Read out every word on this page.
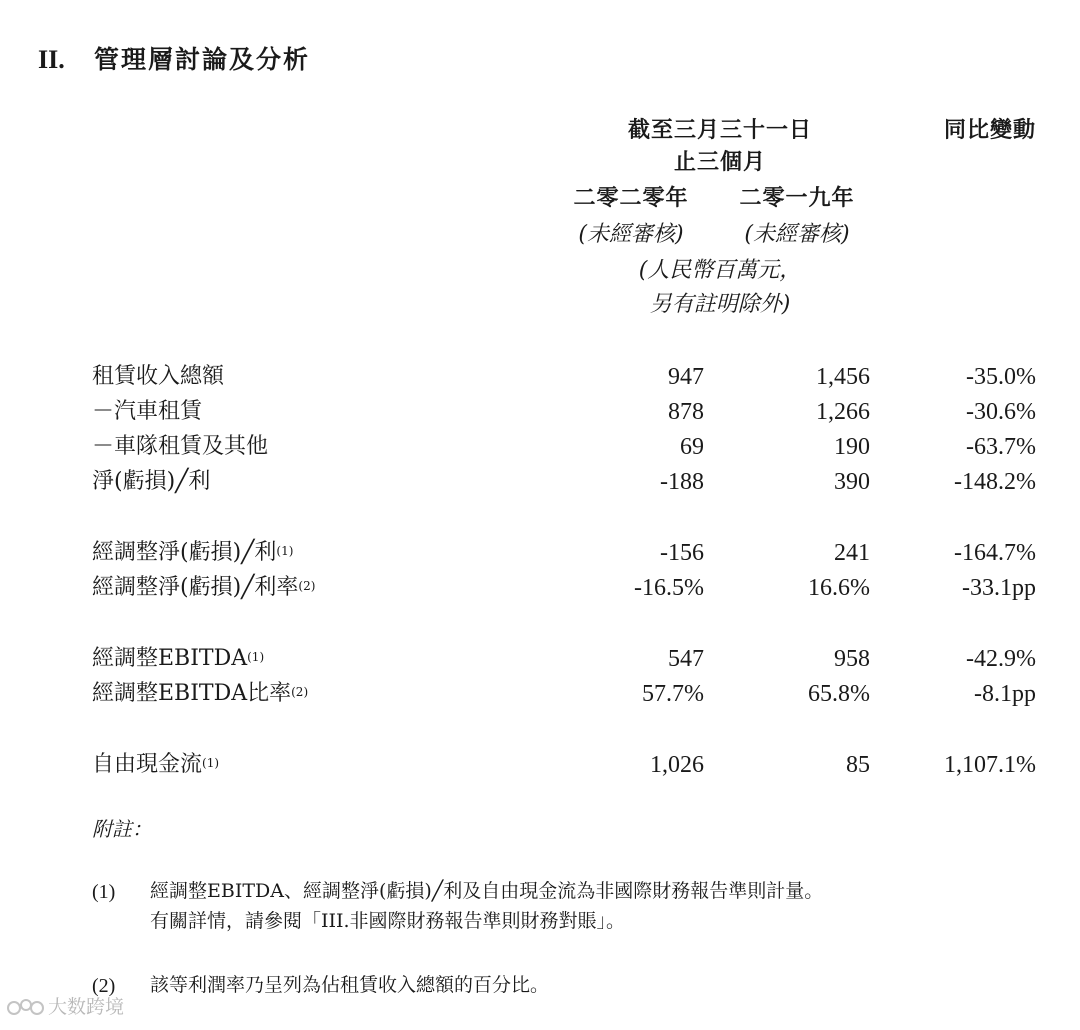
II. 管理層討論及分析
截至三月三十一日
止三個月
同比變動
二零二零年	二零一九年
(未經審核)	(未經審核)
(人民幣百萬元，
另有註明除外)
租賃收入總額	947	1,456	-35.0%
－汽車租賃	878	1,266	-30.6%
－車隊租賃及其他	69	190	-63.7%
淨(虧損)╱利	-188	390	-148.2%
經調整淨(虧損)╱利$^{(1)}$	-156	241	-164.7%
經調整淨(虧損)╱利率$^{(2)}$	-16.5%	16.6%	-33.1pp
經調整EBITDA$^{(1)}$	547	958	-42.9%
經調整EBITDA比率$^{(2)}$	57.7%	65.8%	-8.1pp
自由現金流$^{(1)}$	1,026	85	1,107.1%
附註：
(1) 經調整EBITDA、經調整淨(虧損)╱利及自由現金流為非國際財務報告準則計量。
有關詳情，請參閱「III.非國際財務報告準則財務對賬」。
(2) 該等利潤率乃呈列為佔租賃收入總額的百分比。
大数跨境
